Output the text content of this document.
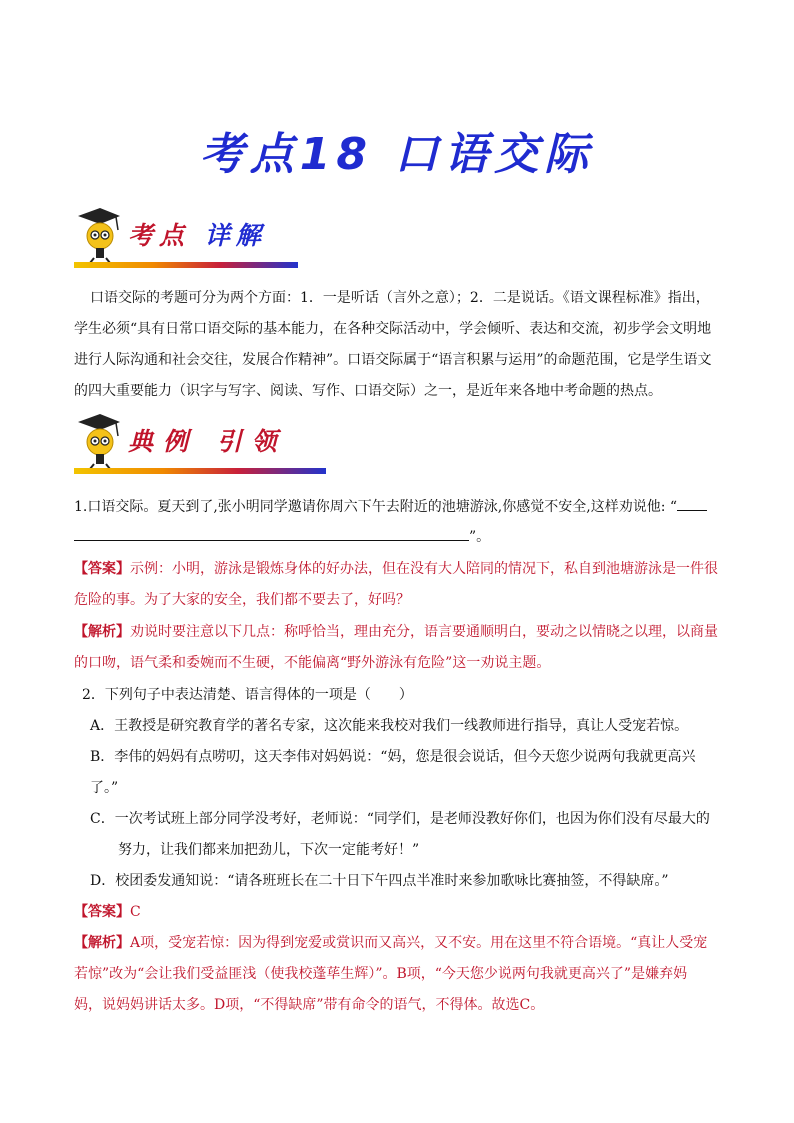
考点18 口语交际
考点 详解
口语交际的考题可分为两个方面：1．一是听话（言外之意）；2．二是说话。《语文课程标准》指出，
学生必须“具有日常口语交际的基本能力，在各种交际活动中，学会倾听、表达和交流，初步学会文明地
进行人际沟通和社会交往，发展合作精神”。口语交际属于“语言积累与运用”的命题范围，它是学生语文
的四大重要能力（识字与写字、阅读、写作、口语交际）之一，是近年来各地中考命题的热点。
典例 引领
1.口语交际。夏天到了,张小明同学邀请你周六下午去附近的池塘游泳,你感觉不安全,这样劝说他: “
”。
【答案】示例：小明，游泳是锻炼身体的好办法，但在没有大人陪同的情况下，私自到池塘游泳是一件很
危险的事。为了大家的安全，我们都不要去了，好吗？
【解析】劝说时要注意以下几点：称呼恰当，理由充分，语言要通顺明白，要动之以情晓之以理，以商量
的口吻，语气柔和委婉而不生硬，不能偏离“野外游泳有危险”这一劝说主题。
2．下列句子中表达清楚、语言得体的一项是（　　）
A．王教授是研究教育学的著名专家，这次能来我校对我们一线教师进行指导，真让人受宠若惊。
B．李伟的妈妈有点唠叨，这天李伟对妈妈说：“妈，您是很会说话，但今天您少说两句我就更高兴
了。”
C．一次考试班上部分同学没考好，老师说：“同学们，是老师没教好你们，也因为你们没有尽最大的
努力，让我们都来加把劲儿，下次一定能考好！”
D．校团委发通知说：“请各班班长在二十日下午四点半准时来参加歌咏比赛抽签，不得缺席。”
【答案】C
【解析】A项，受宠若惊：因为得到宠爱或赏识而又高兴，又不安。用在这里不符合语境。“真让人受宠
若惊”改为“会让我们受益匪浅（使我校蓬荜生辉）”。B项，“今天您少说两句我就更高兴了”是嫌弃妈
妈，说妈妈讲话太多。D项，“不得缺席”带有命令的语气，不得体。故选C。
